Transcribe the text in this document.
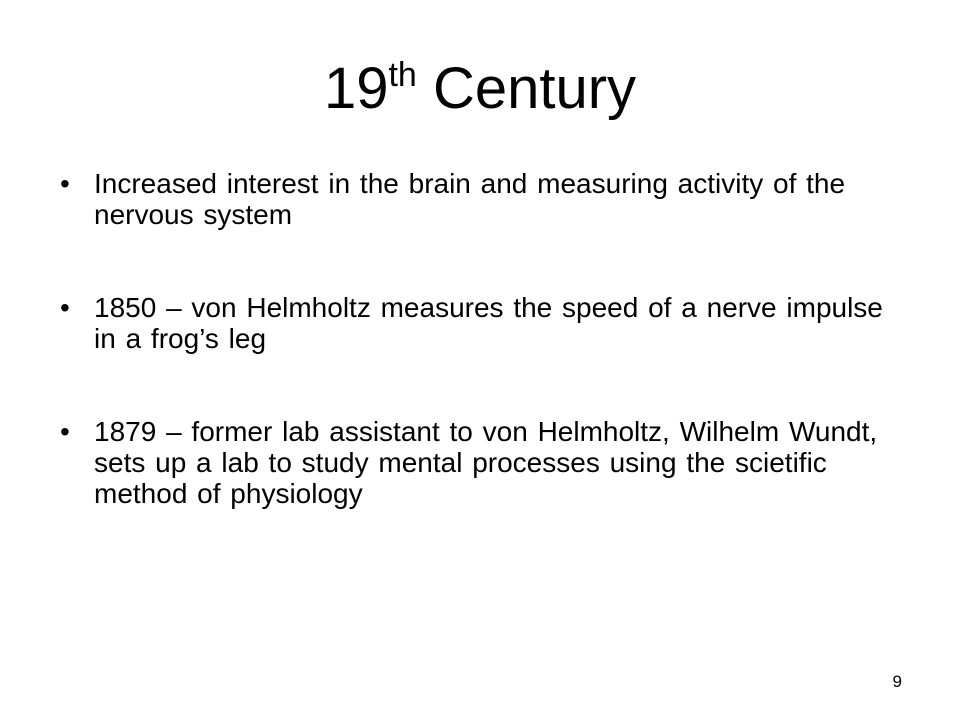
19th Century
• Increased interest in the brain and measuring activity of the nervous system
• 1850 – von Helmholtz measures the speed of a nerve impulse in a frog’s leg
• 1879 – former lab assistant to von Helmholtz, Wilhelm Wundt, sets up a lab to study mental processes using the scietific method of physiology
9
